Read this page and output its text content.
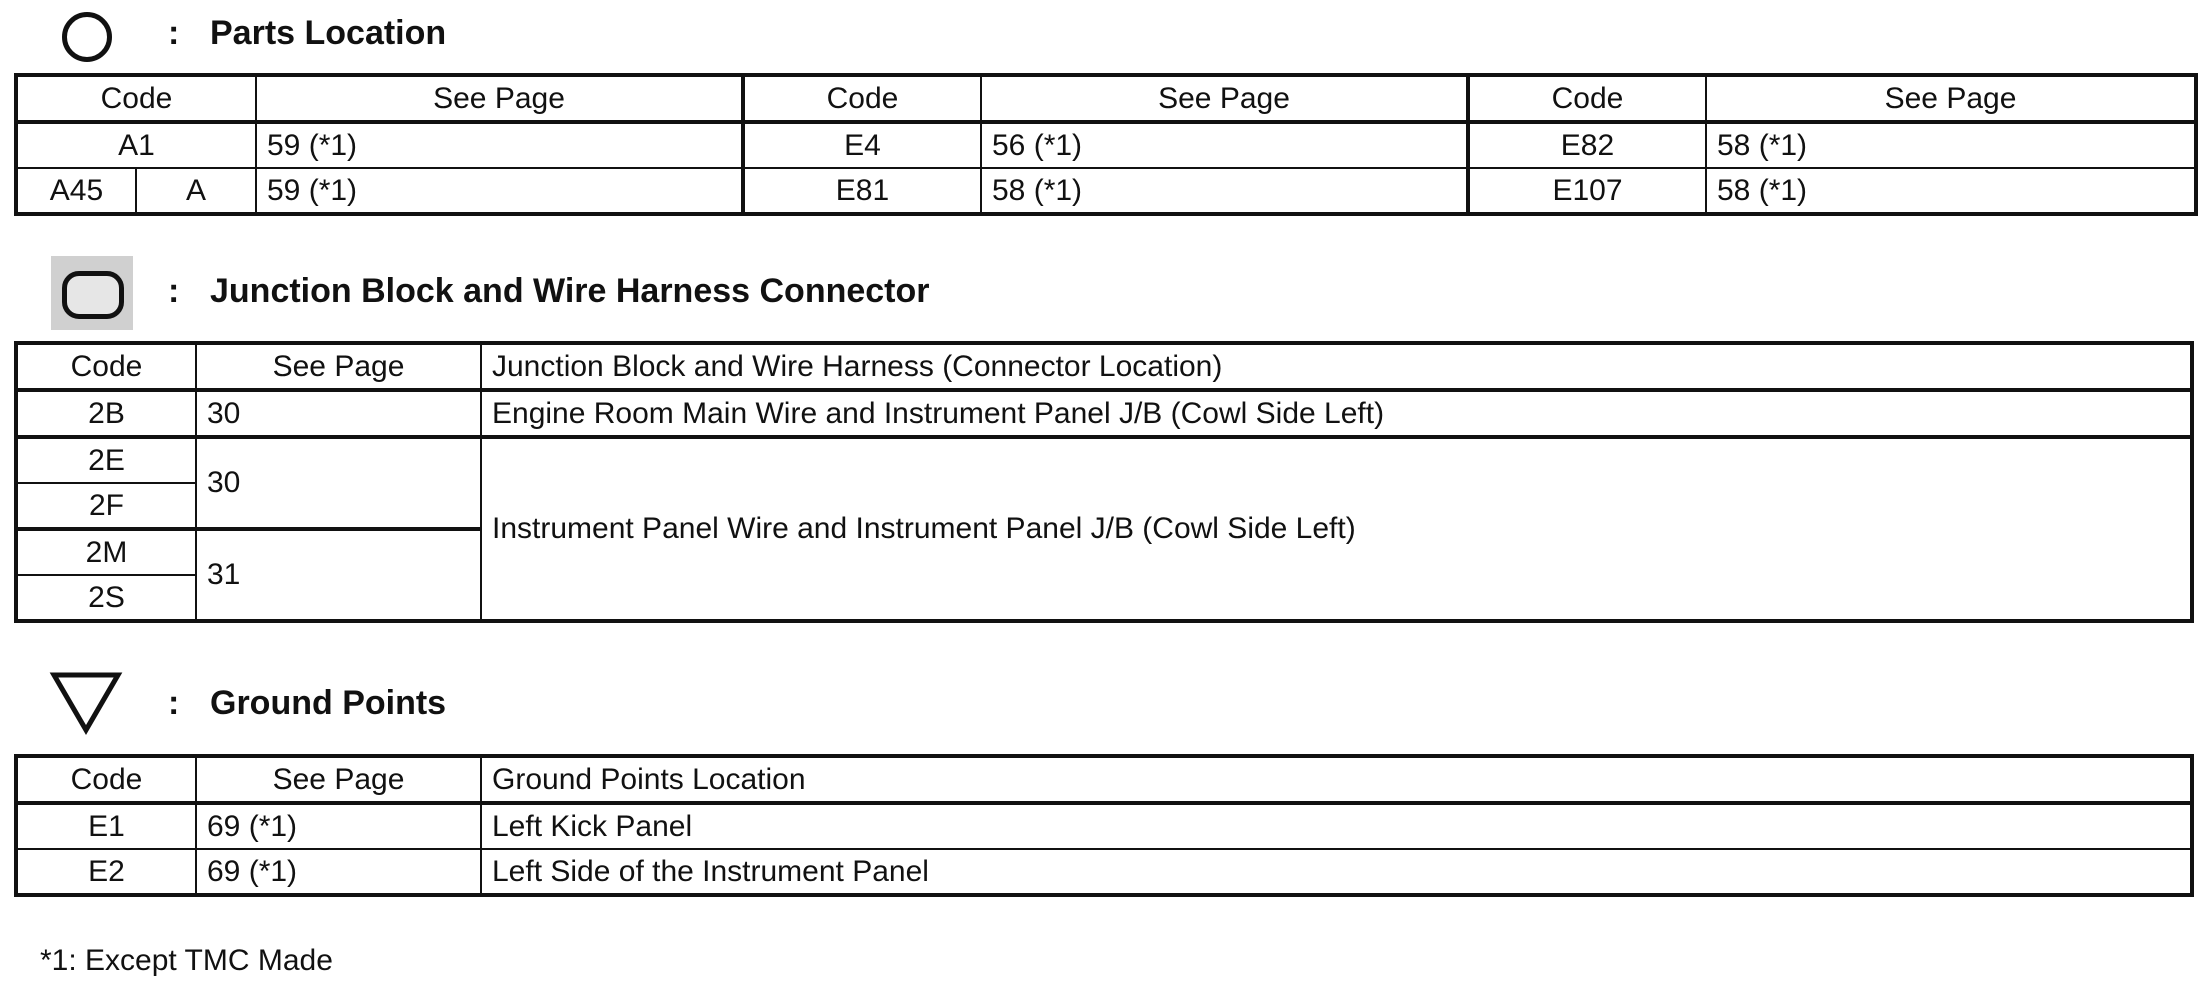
: Parts Location
Code		See Page	Code	See Page	Code	See Page
A1		59 (*1)	E4	56 (*1)	E82	58 (*1)
A45	A	59 (*1)	E81	58 (*1)	E107	58 (*1)
: Junction Block and Wire Harness Connector
Code	See Page	Junction Block and Wire Harness (Connector Location)
2B	30	Engine Room Main Wire and Instrument Panel J/B (Cowl Side Left)
2E	30	Instrument Panel Wire and Instrument Panel J/B (Cowl Side Left)
2F		
2M	31	
2S		
: Ground Points
Code	See Page	Ground Points Location
E1	69 (*1)	Left Kick Panel
E2	69 (*1)	Left Side of the Instrument Panel
*1: Except TMC Made
